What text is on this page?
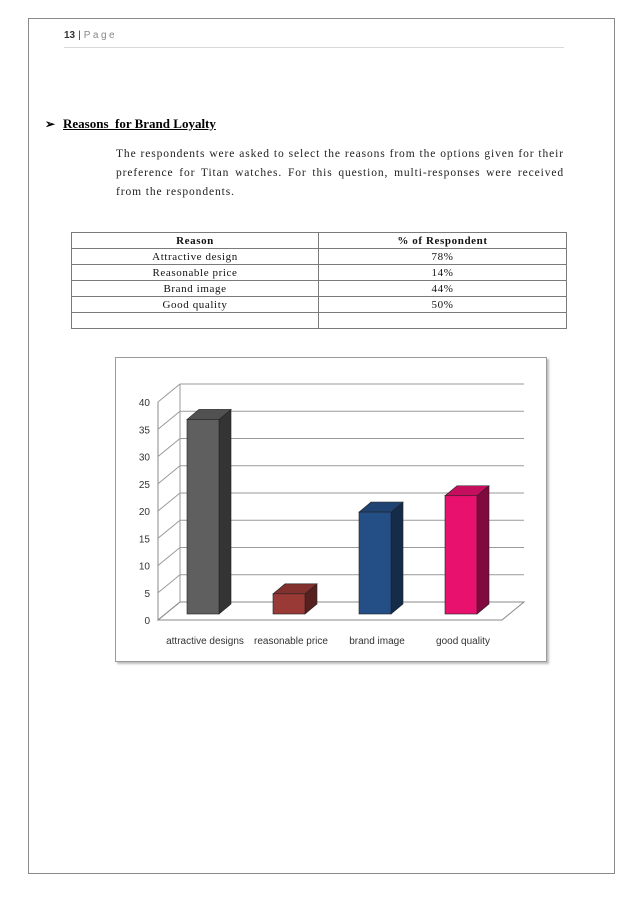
13 | Page
➢ Reasons  for Brand Loyalty
The respondents were asked to select the reasons from the options given for their preference for Titan watches. For this question, multi-responses were received from the respondents.
Reason	% of Respondent
Attractive design	78%
Reasonable price	14%
Brand image	44%
Good quality	50%

0
5
10
15
20
25
30
35
40
attractive designs reasonable price brand image	good quality
